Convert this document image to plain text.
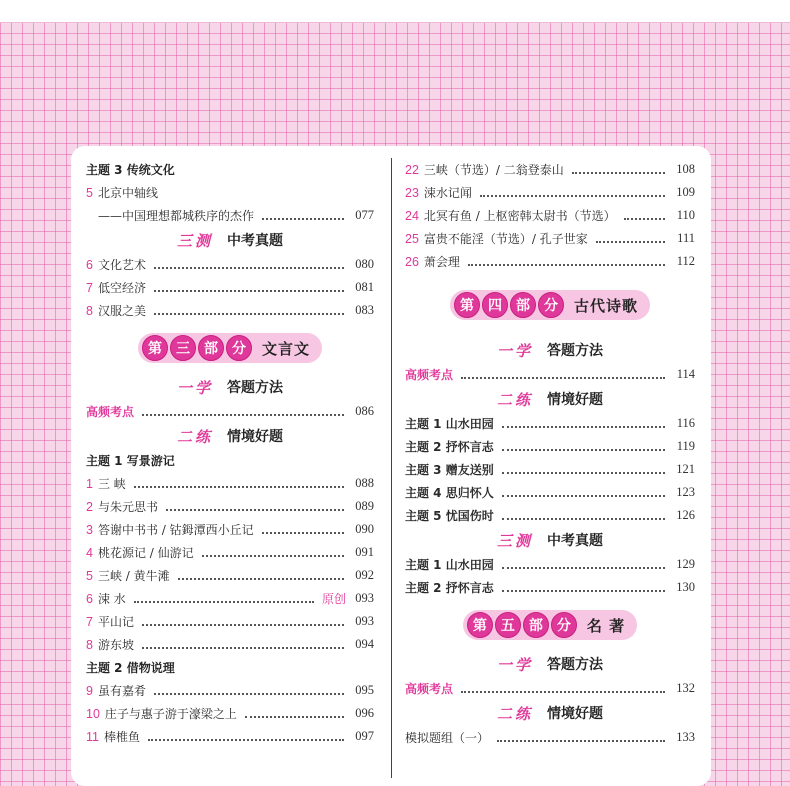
主题 3 传统文化
5 北京中轴线
——中国理想都城秩序的杰作	077
三测 中考真题
6 文化艺术	080
7 低空经济	081
8 汉服之美	083
第	三	部	分	文言文
一学 答题方法
高频考点	086
二练 情境好题
主题 1 写景游记
1 三 峡	088
2 与朱元思书	089
3 答谢中书书 / 钴鉧潭西小丘记	090
4 桃花源记 / 仙游记	091
5 三峡 / 黄牛滩	092
6 涑 水	原创 093
7 平山记	093
8 游东坡	094
主题 2 借物说理
9 虽有嘉肴	095
10 庄子与惠子游于濠梁之上	096
11 棒椎鱼	097
22 三峡（节选）/ 二翁登泰山	108
23 涑水记闻	109
24 北冥有鱼 / 上枢密韩太尉书（节选）	110
25 富贵不能淫（节选）/ 孔子世家	111
26 萧会理	112
第	四	部	分	古代诗歌
一学 答题方法
高频考点	114
二练 情境好题
主题 1 山水田园	116
主题 2 抒怀言志	119
主题 3 赠友送别	121
主题 4 思归怀人	123
主题 5 忧国伤时	126
三测 中考真题
主题 1 山水田园	129
主题 2 抒怀言志	130
第	五	部	分	名 著
一学 答题方法
高频考点	132
二练 情境好题
模拟题组（一）	133
